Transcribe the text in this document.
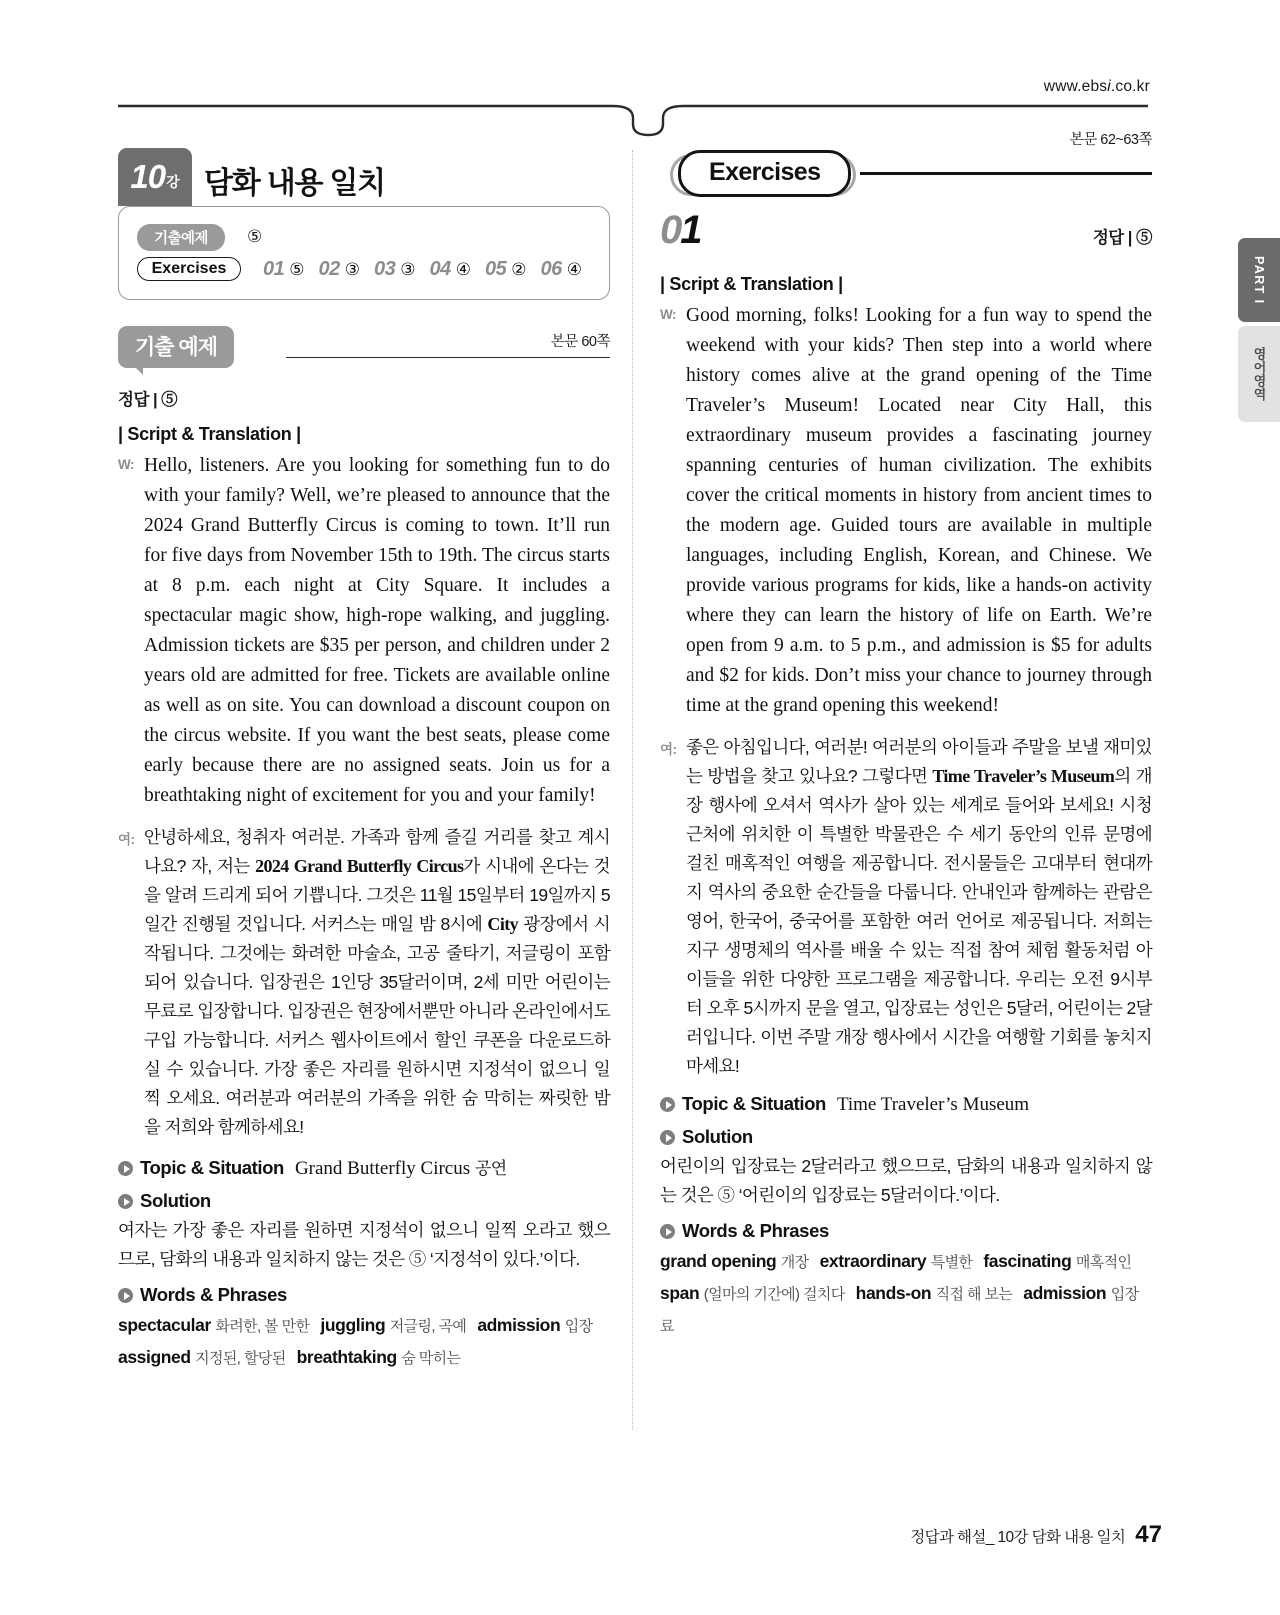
www.ebsi.co.kr
PART I
영어영역
10 강 담화 내용 일치
기출예제	⑤
Exercises	01 ⑤ 02 ③ 03 ③ 04 ④ 05 ② 06 ④
기출 예제	본문 60쪽
정답 | ⑤
| Script & Translation |
W: Hello, listeners. Are you looking for something fun to do with your family? Well, we’re pleased to announce that the 2024 Grand Butterfly Circus is coming to town. It’ll run for five days from November 15th to 19th. The circus starts at 8 p.m. each night at City Square. It includes a spectacular magic show, high-rope walking, and juggling. Admission tickets are $35 per person, and children under 2 years old are admitted for free. Tickets are available online as well as on site. You can download a discount coupon on the circus website. If you want the best seats, please come early because there are no assigned seats. Join us for a breathtaking night of excitement for you and your family!
여: 안녕하세요, 청취자 여러분. 가족과 함께 즐길 거리를 찾고 계시나요? 자, 저는 2024 Grand Butterfly Circus가 시내에 온다는 것을 알려 드리게 되어 기쁩니다. 그것은 11월 15일부터 19일까지 5일간 진행될 것입니다. 서커스는 매일 밤 8시에 City 광장에서 시작됩니다. 그것에는 화려한 마술쇼, 고공 줄타기, 저글링이 포함되어 있습니다. 입장권은 1인당 35달러이며, 2세 미만 어린이는 무료로 입장합니다. 입장권은 현장에서뿐만 아니라 온라인에서도 구입 가능합니다. 서커스 웹사이트에서 할인 쿠폰을 다운로드하실 수 있습니다. 가장 좋은 자리를 원하시면 지정석이 없으니 일찍 오세요. 여러분과 여러분의 가족을 위한 숨 막히는 짜릿한 밤을 저희와 함께하세요!
Topic & Situation Grand Butterfly Circus 공연
Solution
여자는 가장 좋은 자리를 원하면 지정석이 없으니 일찍 오라고 했으므로, 담화의 내용과 일치하지 않는 것은 ⑤ ‘지정석이 있다.’이다.
Words & Phrases
spectacular 화려한, 볼 만한 juggling 저글링, 곡예 admission 입장assigned 지정된, 할당된 breathtaking 숨 막히는
본문 62~63쪽
Exercises
01	정답 | ⑤
| Script & Translation |
W: Good morning, folks! Looking for a fun way to spend the weekend with your kids? Then step into a world where history comes alive at the grand opening of the Time Traveler’s Museum! Located near City Hall, this extraordinary museum provides a fascinating journey spanning centuries of human civilization. The exhibits cover the critical moments in history from ancient times to the modern age. Guided tours are available in multiple languages, including English, Korean, and Chinese. We provide various programs for kids, like a hands-on activity where they can learn the history of life on Earth. We’re open from 9 a.m. to 5 p.m., and admission is $5 for adults and $2 for kids. Don’t miss your chance to journey through time at the grand opening this weekend!
여: 좋은 아침입니다, 여러분! 여러분의 아이들과 주말을 보낼 재미있는 방법을 찾고 있나요? 그렇다면 Time Traveler’s Museum의 개장 행사에 오셔서 역사가 살아 있는 세계로 들어와 보세요! 시청 근처에 위치한 이 특별한 박물관은 수 세기 동안의 인류 문명에 걸친 매혹적인 여행을 제공합니다. 전시물들은 고대부터 현대까지 역사의 중요한 순간들을 다룹니다. 안내인과 함께하는 관람은 영어, 한국어, 중국어를 포함한 여러 언어로 제공됩니다. 저희는 지구 생명체의 역사를 배울 수 있는 직접 참여 체험 활동처럼 아이들을 위한 다양한 프로그램을 제공합니다. 우리는 오전 9시부터 오후 5시까지 문을 열고, 입장료는 성인은 5달러, 어린이는 2달러입니다. 이번 주말 개장 행사에서 시간을 여행할 기회를 놓치지 마세요!
Topic & Situation Time Traveler’s Museum
Solution
어린이의 입장료는 2달러라고 했으므로, 담화의 내용과 일치하지 않는 것은 ⑤ ‘어린이의 입장료는 5달러이다.’이다.
Words & Phrases
grand opening 개장 extraordinary 특별한 fascinating 매혹적인span (얼마의 기간에) 걸치다 hands-on 직접 해 보는 admission 입장료
정답과 해설_ 10강 담화 내용 일치 47
